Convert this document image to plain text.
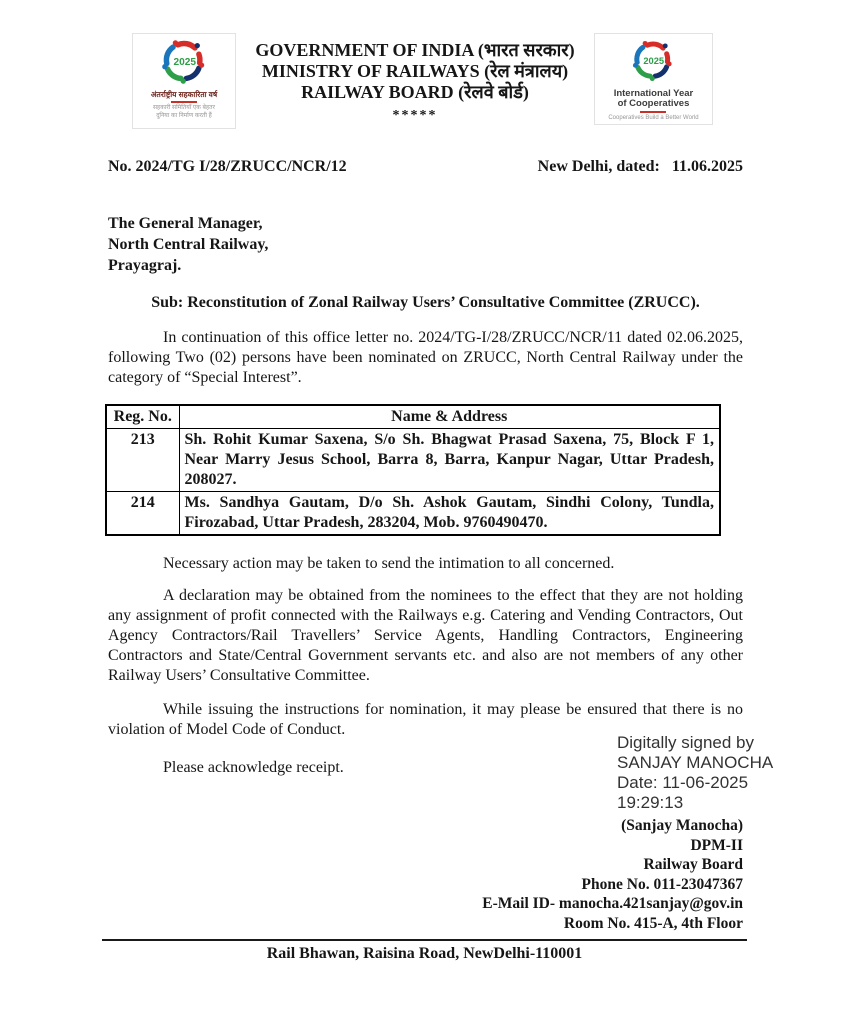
2025
अंतर्राष्ट्रीय सहकारिता वर्ष
सहकारी समितियाँ एक बेहतर
दुनिया का निर्माण करती हैं
GOVERNMENT OF INDIA (भारत सरकार)
MINISTRY OF RAILWAYS (रेल मंत्रालय)
RAILWAY BOARD (रेलवे बोर्ड)
*****
2025
International Year
of Cooperatives
Cooperatives Build a Better World
No. 2024/TG I/28/ZRUCC/NCR/12	New Delhi, dated:   11.06.2025
The General Manager,
North Central Railway,
Prayagraj.
Sub: Reconstitution of Zonal Railway Users’ Consultative Committee (ZRUCC).

In continuation of this office letter no. 2024/TG-I/28/ZRUCC/NCR/11 dated 02.06.2025, following Two (02) persons have been nominated on ZRUCC, North Central Railway under the category of “Special Interest”.

Reg. No.	Name & Address
213	Sh. Rohit Kumar Saxena, S/o Sh. Bhagwat Prasad Saxena, 75, Block F 1, Near Marry Jesus School, Barra 8, Barra, Kanpur Nagar, Uttar Pradesh, 208027.
214	Ms. Sandhya Gautam, D/o Sh. Ashok Gautam, Sindhi Colony, Tundla, Firozabad, Uttar Pradesh, 283204, Mob. 9760490470.

Necessary action may be taken to send the intimation to all concerned.

A declaration may be obtained from the nominees to the effect that they are not holding any assignment of profit connected with the Railways e.g. Catering and Vending Contractors, Out Agency Contractors/Rail Travellers’ Service Agents, Handling Contractors, Engineering Contractors and State/Central Government servants etc. and also are not members of any other Railway Users’ Consultative Committee.

While issuing the instructions for nomination, it may please be ensured that there is no violation of Model Code of Conduct.

Please acknowledge receipt.

Digitally signed by
SANJAY MANOCHA
Date: 11-06-2025
19:29:13
(Sanjay Manocha)
DPM-II
Railway Board
Phone No. 011-23047367
E-Mail ID- manocha.421sanjay@gov.in
Room No. 415-A, 4th Floor
Rail Bhawan, Raisina Road, NewDelhi-110001
